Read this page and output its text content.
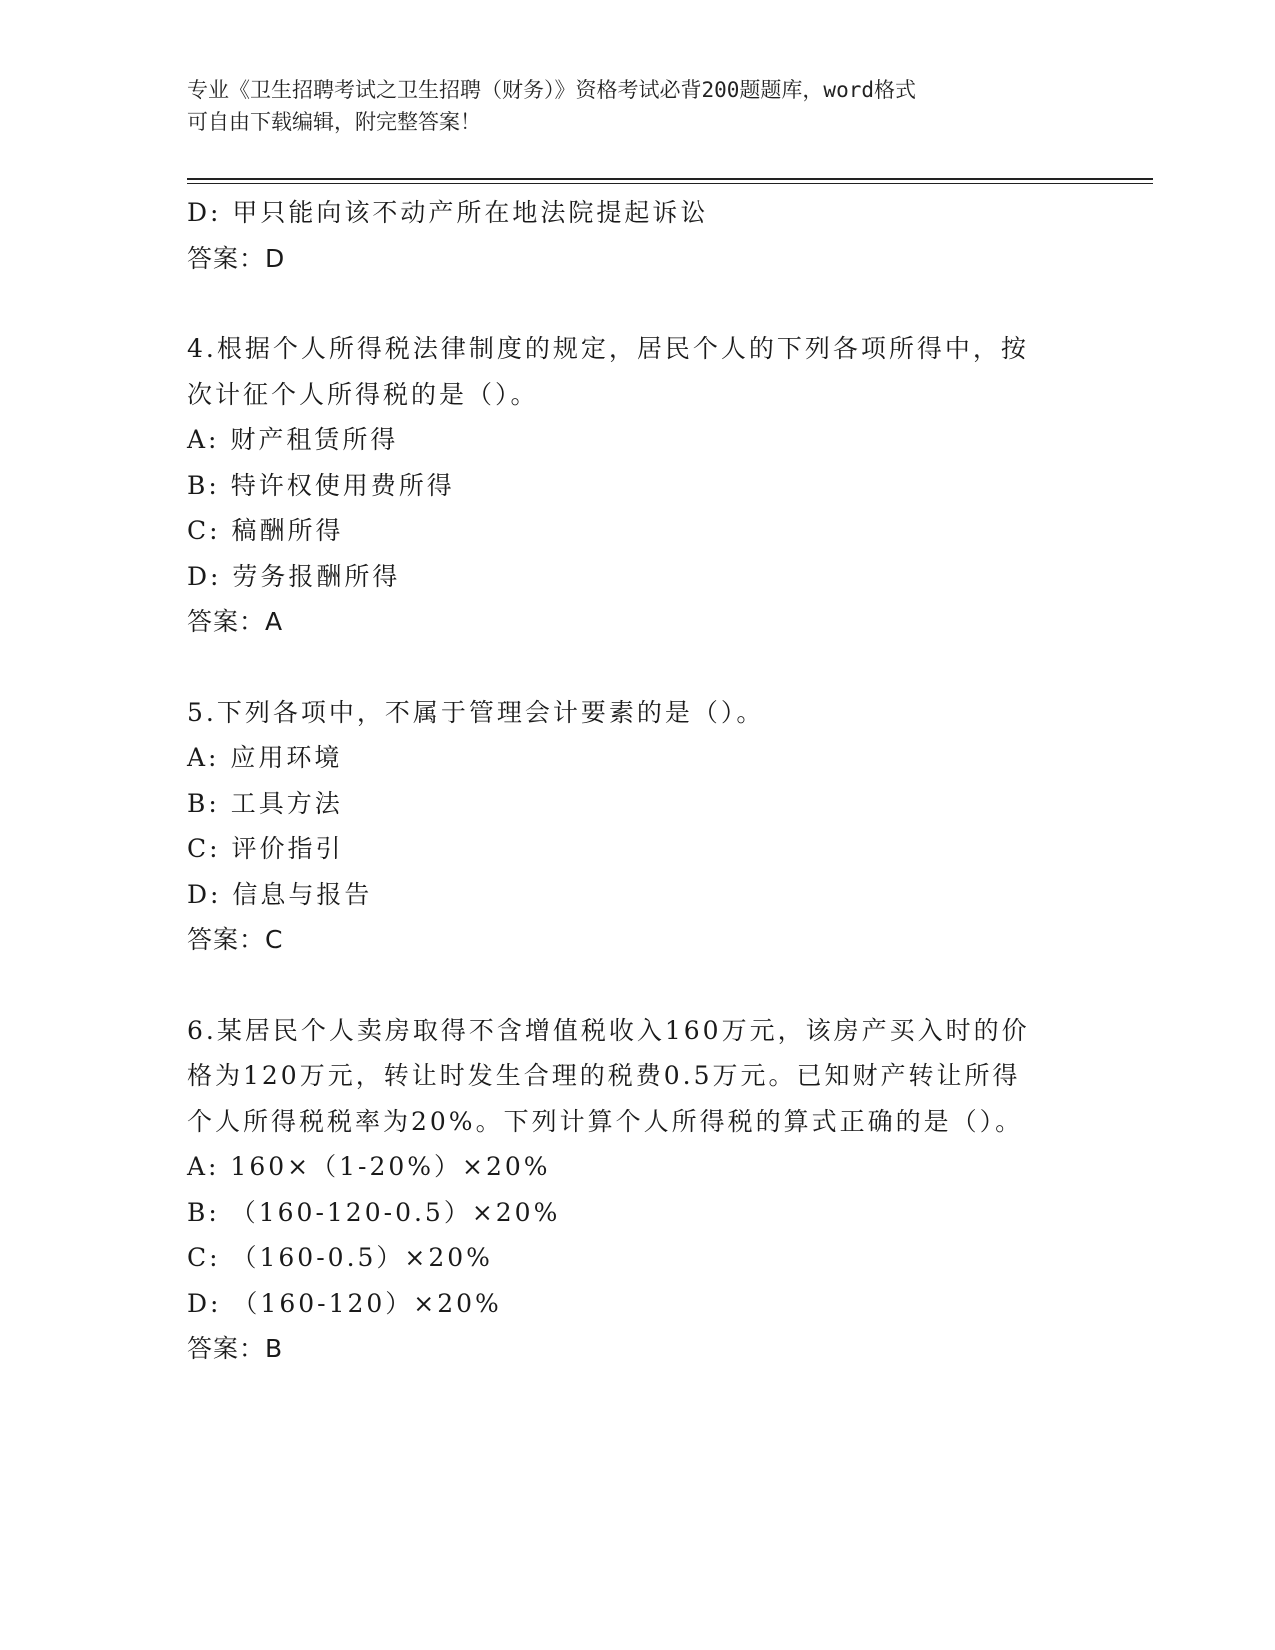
专业《卫生招聘考试之卫生招聘（财务）》资格考试必背200题题库，word格式
可自由下载编辑，附完整答案！
D: 甲只能向该不动产所在地法院提起诉讼
答案：D
4.根据个人所得税法律制度的规定，居民个人的下列各项所得中，按
次计征个人所得税的是（）。
A: 财产租赁所得
B: 特许权使用费所得
C: 稿酬所得
D: 劳务报酬所得
答案：A
5.下列各项中，不属于管理会计要素的是（）。
A: 应用环境
B: 工具方法
C: 评价指引
D: 信息与报告
答案：C
6.某居民个人卖房取得不含增值税收入160万元，该房产买入时的价
格为120万元，转让时发生合理的税费0.5万元。已知财产转让所得
个人所得税税率为20%。下列计算个人所得税的算式正确的是（）。
A: 160×（1-20%）×20%
B: （160-120-0.5）×20%
C: （160-0.5）×20%
D: （160-120）×20%
答案：B
